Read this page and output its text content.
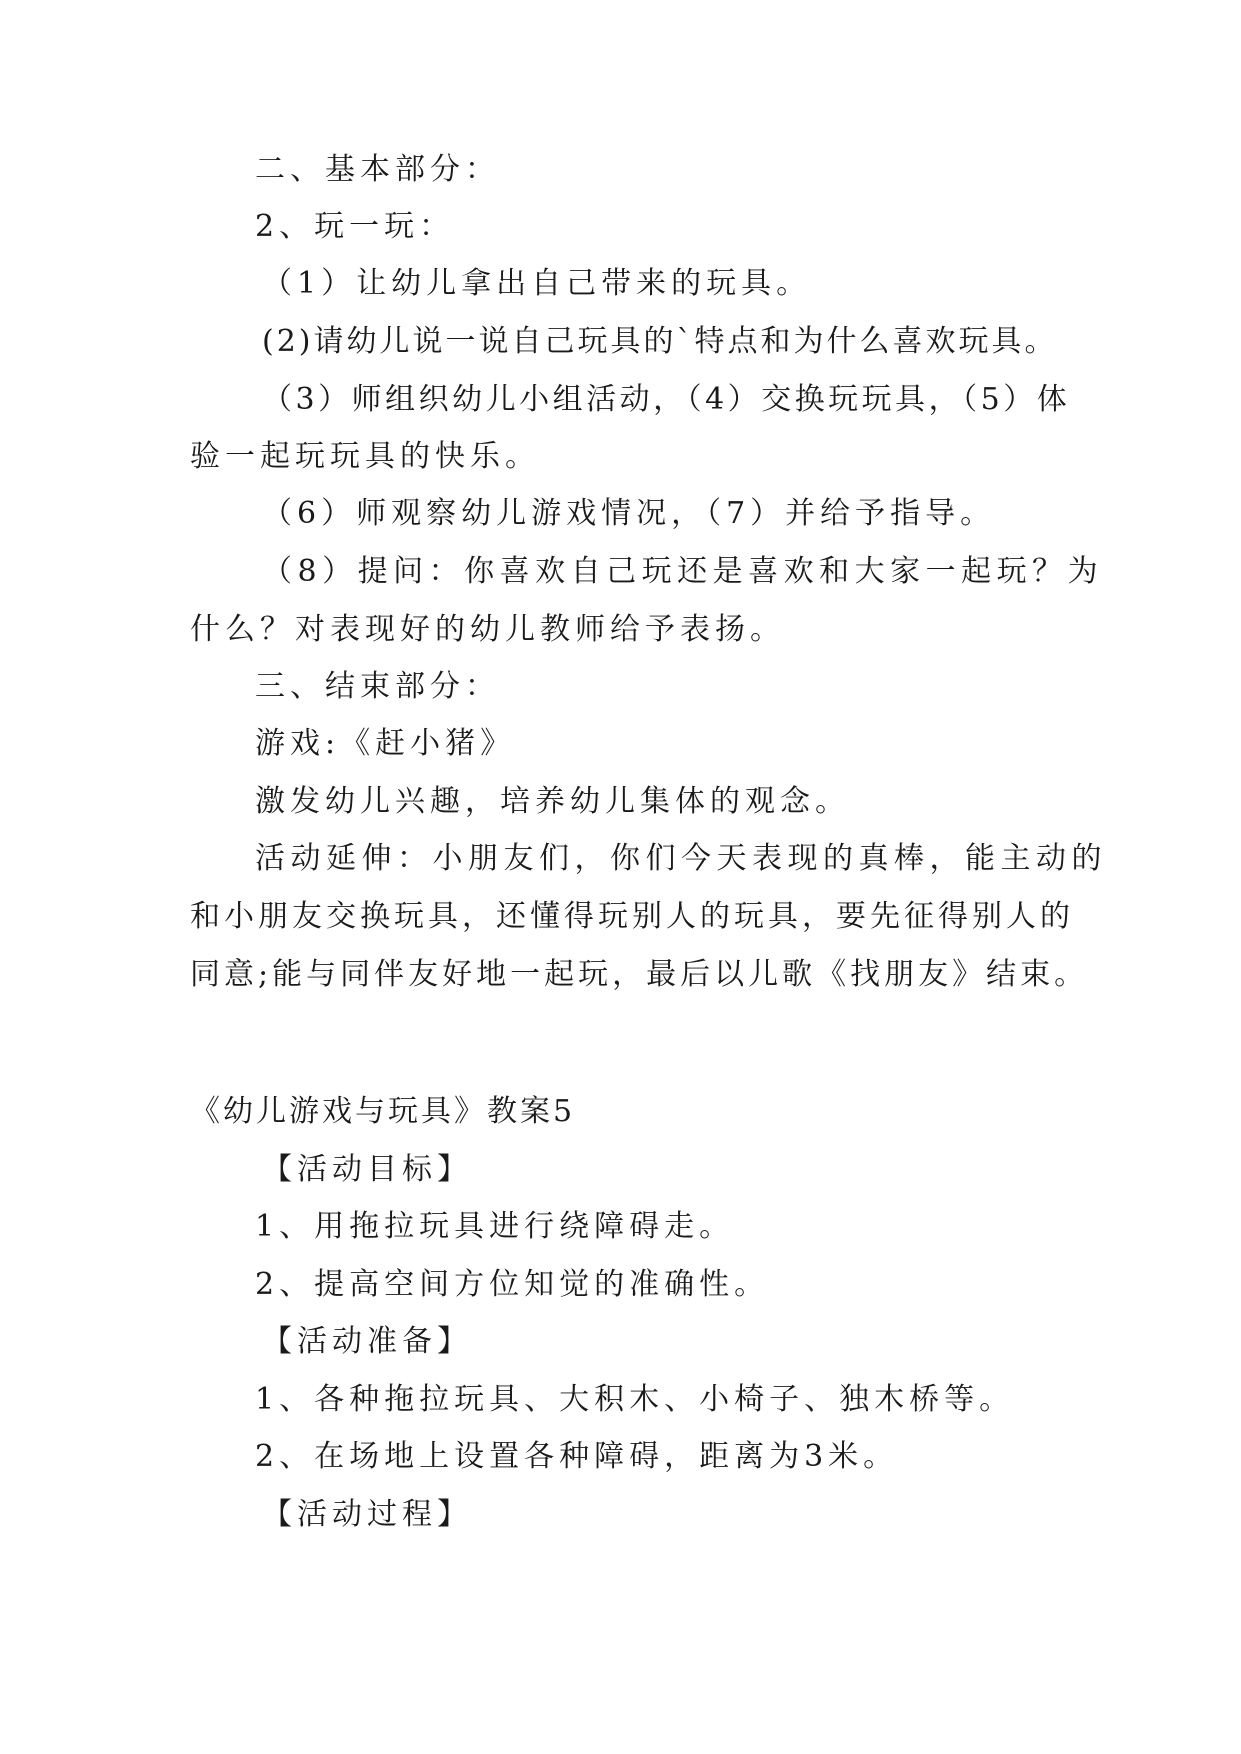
二、基本部分：
2、玩一玩：
（1）让幼儿拿出自己带来的玩具。
(2)请幼儿说一说自己玩具的`特点和为什么喜欢玩具。
（3）师组织幼儿小组活动，（4）交换玩玩具，（5）体
验一起玩玩具的快乐。
（6）师观察幼儿游戏情况，（7）并给予指导。
（8）提问：你喜欢自己玩还是喜欢和大家一起玩？为
什么？对表现好的幼儿教师给予表扬。
三、结束部分：
游戏:《赶小猪》
激发幼儿兴趣，培养幼儿集体的观念。
活动延伸：小朋友们，你们今天表现的真棒，能主动的
和小朋友交换玩具，还懂得玩别人的玩具，要先征得别人的
同意;能与同伴友好地一起玩，最后以儿歌《找朋友》结束。
《幼儿游戏与玩具》教案5
【活动目标】
1、用拖拉玩具进行绕障碍走。
2、提高空间方位知觉的准确性。
【活动准备】
1、各种拖拉玩具、大积木、小椅子、独木桥等。
2、在场地上设置各种障碍，距离为3米。
【活动过程】
